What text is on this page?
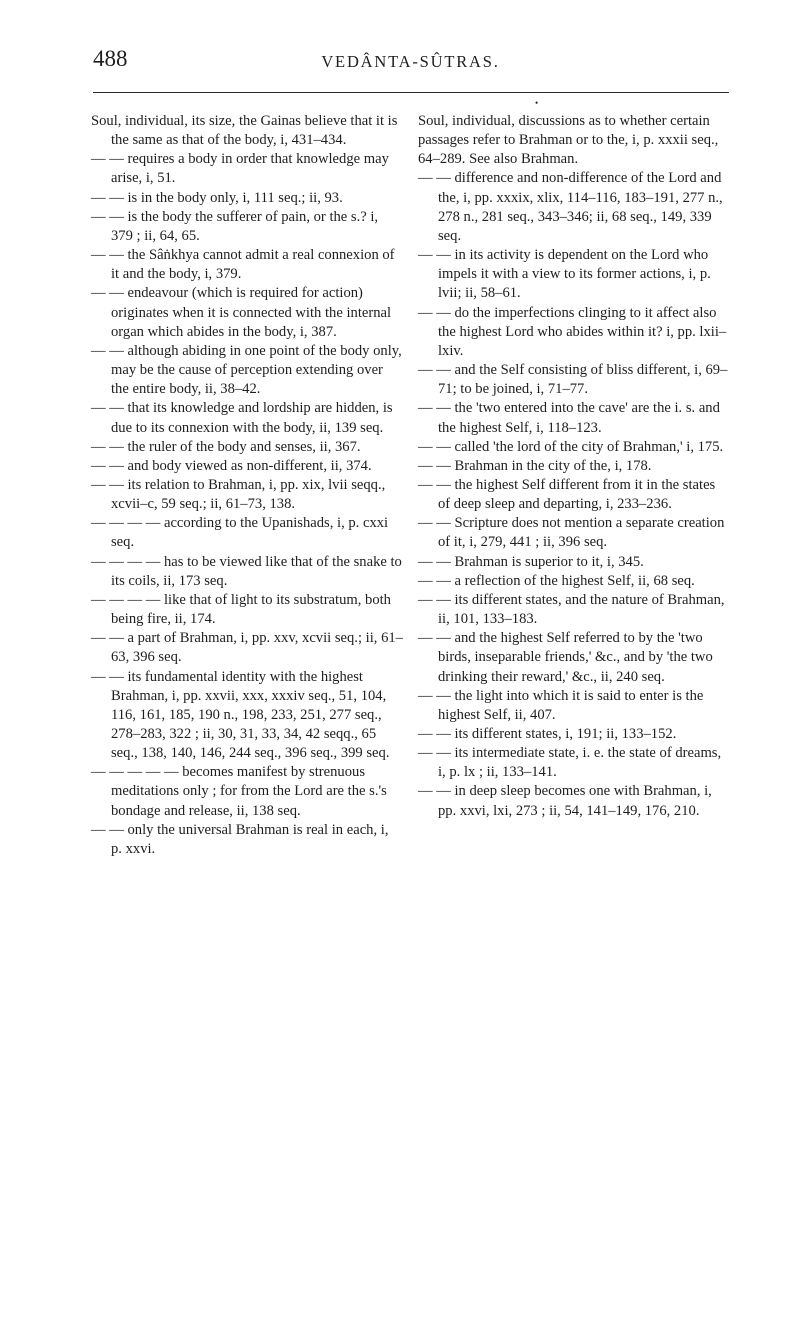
488	VEDÂNTA-SÛTRAS.
•

Soul, individual, its size, the Gainas believe that it is the same as that of the body, i, 431–434.

— — requires a body in order that knowledge may arise, i, 51.

— — is in the body only, i, 111 seq.; ii, 93.

— — is the body the sufferer of pain, or the s.? i, 379 ; ii, 64, 65.

— — the Sâṅkhya cannot admit a real connexion of it and the body, i, 379.

— — endeavour (which is required for action) originates when it is connected with the internal organ which abides in the body, i, 387.

— — although abiding in one point of the body only, may be the cause of perception extending over the entire body, ii, 38–42.

— — that its knowledge and lordship are hidden, is due to its connexion with the body, ii, 139 seq.

— — the ruler of the body and senses, ii, 367.

— — and body viewed as non-different, ii, 374.

— — its relation to Brahman, i, pp. xix, lvii seqq., xcvii–c, 59 seq.; ii, 61–73, 138.

— — — — according to the Upanishads, i, p. cxxi seq.

— — — — has to be viewed like that of the snake to its coils, ii, 173 seq.

— — — — like that of light to its substratum, both being fire, ii, 174.

— — a part of Brahman, i, pp. xxv, xcvii seq.; ii, 61–63, 396 seq.

— — its fundamental identity with the highest Brahman, i, pp. xxvii, xxx, xxxiv seq., 51, 104, 116, 161, 185, 190 n., 198, 233, 251, 277 seq., 278–283, 322 ; ii, 30, 31, 33, 34, 42 seqq., 65 seq., 138, 140, 146, 244 seq., 396 seq., 399 seq.

— — — — — becomes manifest by strenuous meditations only ; for from the Lord are the s.'s bondage and release, ii, 138 seq.

— — only the universal Brahman is real in each, i, p. xxvi.

Soul, individual, discussions as to whether certain passages refer to Brahman or to the, i, p. xxxii seq., 64–289. See also Brahman.

— — difference and non-difference of the Lord and the, i, pp. xxxix, xlix, 114–116, 183–191, 277 n., 278 n., 281 seq., 343–346; ii, 68 seq., 149, 339 seq.

— — in its activity is dependent on the Lord who impels it with a view to its former actions, i, p. lvii; ii, 58–61.

— — do the imperfections clinging to it affect also the highest Lord who abides within it? i, pp. lxii–lxiv.

— — and the Self consisting of bliss different, i, 69–71; to be joined, i, 71–77.

— — the 'two entered into the cave' are the i. s. and the highest Self, i, 118–123.

— — called 'the lord of the city of Brahman,' i, 175.

— — Brahman in the city of the, i, 178.

— — the highest Self different from it in the states of deep sleep and departing, i, 233–236.

— — Scripture does not mention a separate creation of it, i, 279, 441 ; ii, 396 seq.

— — Brahman is superior to it, i, 345.

— — a reflection of the highest Self, ii, 68 seq.

— — its different states, and the nature of Brahman, ii, 101, 133–183.

— — and the highest Self referred to by the 'two birds, inseparable friends,' &c., and by 'the two drinking their reward,' &c., ii, 240 seq.

— — the light into which it is said to enter is the highest Self, ii, 407.

— — its different states, i, 191; ii, 133–152.

— — its intermediate state, i. e. the state of dreams, i, p. lx ; ii, 133–141.

— — in deep sleep becomes one with Brahman, i, pp. xxvi, lxi, 273 ; ii, 54, 141–149, 176, 210.
